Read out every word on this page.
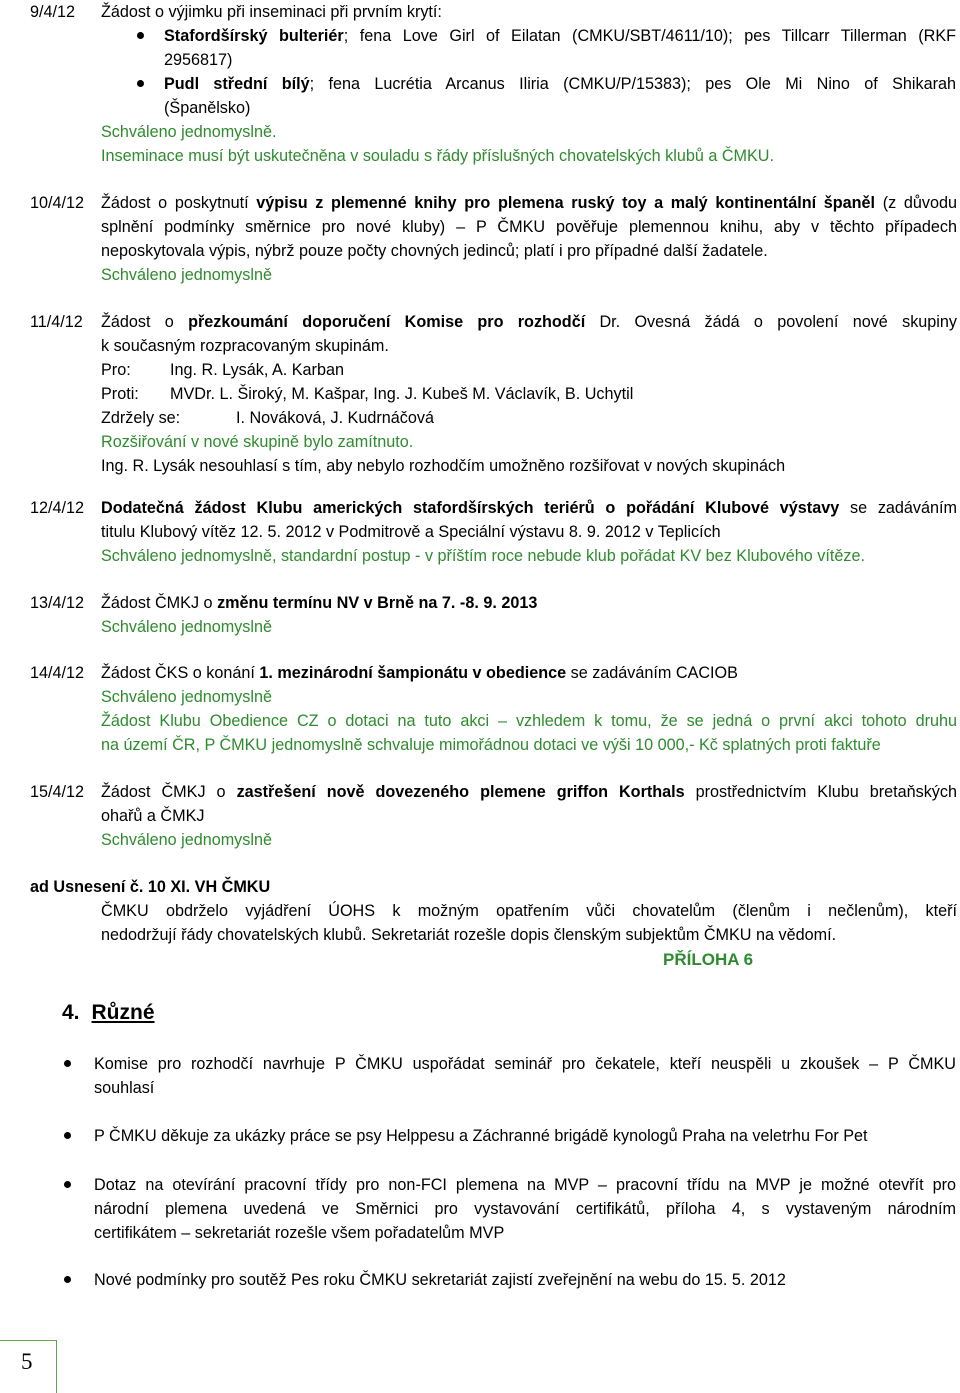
9/4/12 Žádost o výjimku při inseminaci při prvním krytí:
Stafordšírský bulteriér; fena Love Girl of Eilatan (CMKU/SBT/4611/10); pes Tillcarr Tillerman (RKF
2956817)
Pudl střední bílý; fena Lucrétia Arcanus Iliria (CMKU/P/15383); pes Ole Mi Nino of Shikarah
(Španělsko)
Schváleno jednomyslně.
Inseminace musí být uskutečněna v souladu s řády příslušných chovatelských klubů a ČMKU.
10/4/12 Žádost o poskytnutí výpisu z plemenné knihy pro plemena ruský toy a malý kontinentální španěl (z důvodu
splnění podmínky směrnice pro nové kluby) – P ČMKU pověřuje plemennou knihu, aby v těchto případech
neposkytovala výpis, nýbrž pouze počty chovných jedinců; platí i pro případné další žadatele.
Schváleno jednomyslně
11/4/12 Žádost o přezkoumání doporučení Komise pro rozhodčí Dr. Ovesná žádá o povolení nové skupiny
k současným rozpracovaným skupinám.
Pro: Ing. R. Lysák, A. Karban
Proti: MVDr. L. Široký, M. Kašpar, Ing. J. Kubeš M. Václavík, B. Uchytil
Zdržely se:	I. Nováková, J. Kudrnáčová
Rozšiřování v nové skupině bylo zamítnuto.
Ing. R. Lysák nesouhlasí s tím, aby nebylo rozhodčím umožněno rozšiřovat v nových skupinách
12/4/12 Dodatečná žádost Klubu amerických stafordšírských teriérů o pořádání Klubové výstavy se zadáváním
titulu Klubový vítěz 12. 5. 2012 v Podmitrově a Speciální výstavu 8. 9. 2012 v Teplicích
Schváleno jednomyslně, standardní postup - v příštím roce nebude klub pořádat KV bez Klubového vítěze.
13/4/12 Žádost ČMKJ o změnu termínu NV v Brně na 7. -8. 9. 2013
Schváleno jednomyslně
14/4/12 Žádost ČKS o konání 1. mezinárodní šampionátu v obedience se zadáváním CACIOB
Schváleno jednomyslně
Žádost Klubu Obedience CZ o dotaci na tuto akci – vzhledem k tomu, že se jedná o první akci tohoto druhu
na území ČR, P ČMKU jednomyslně schvaluje mimořádnou dotaci ve výši 10 000,- Kč splatných proti faktuře
15/4/12 Žádost ČMKJ o zastřešení nově dovezeného plemene griffon Korthals prostřednictvím Klubu bretaňských
ohařů a ČMKJ
Schváleno jednomyslně
ad Usnesení č. 10 XI. VH ČMKU
ČMKU obdrželo vyjádření ÚOHS k možným opatřením vůči chovatelům (členům i nečlenům), kteří
nedodržují řády chovatelských klubů. Sekretariát rozešle dopis členským subjektům ČMKU na vědomí.
PŘÍLOHA 6
4. Různé
Komise pro rozhodčí navrhuje P ČMKU uspořádat seminář pro čekatele, kteří neuspěli u zkoušek – P ČMKU
souhlasí
P ČMKU děkuje za ukázky práce se psy Helppesu a Záchranné brigádě kynologů Praha na veletrhu For Pet
Dotaz na otevírání pracovní třídy pro non-FCI plemena na MVP – pracovní třídu na MVP je možné otevřít pro
národní plemena uvedená ve Směrnici pro vystavování certifikátů, příloha 4, s vystaveným národním
certifikátem – sekretariát rozešle všem pořadatelům MVP
Nové podmínky pro soutěž Pes roku ČMKU sekretariát zajistí zveřejnění na webu do 15. 5. 2012
5
